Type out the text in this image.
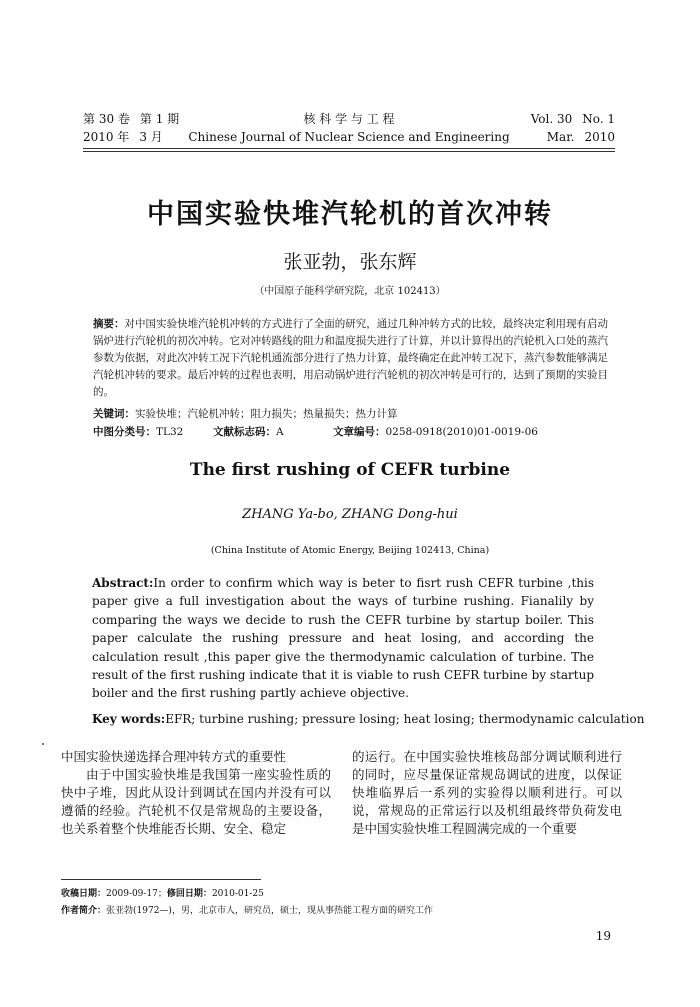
第 30 卷 第 1 期	核 科 学 与 工 程	Vol. 30 No. 1
2010 年 3 月	Chinese Journal of Nuclear Science and Engineering	Mar. 2010
中国实验快堆汽轮机的首次冲转
张亚勃，张东辉
（中国原子能科学研究院，北京 102413）
摘要：对中国实验快堆汽轮机冲转的方式进行了全面的研究，通过几种冲转方式的比较，最终决定利用现有启动锅炉进行汽轮机的初次冲转。它对冲转路线的阻力和温度损失进行了计算，并以计算得出的汽轮机入口处的蒸汽参数为依据，对此次冲转工况下汽轮机通流部分进行了热力计算，最终确定在此冲转工况下，蒸汽参数能够满足汽轮机冲转的要求。最后冲转的过程也表明，用启动锅炉进行汽轮机的初次冲转是可行的，达到了预期的实验目的。
关键词：实验快堆；汽轮机冲转；阻力损失；热量损失；热力计算
中图分类号：TL32	文献标志码：A	文章编号：0258-0918(2010)01-0019-06
The first rushing of CEFR turbine
ZHANG Ya-bo, ZHANG Dong-hui
(China Institute of Atomic Energy, Beijing 102413, China)
Abstract:In order to confirm which way is beter to fisrt rush CEFR turbine ,this paper give a full investigation about the ways of turbine rushing. Fianalily by comparing the ways we decide to rush the CEFR turbine by startup boiler. This paper calculate the rushing pressure and heat losing, and according the calculation result ,this paper give the thermodynamic calculation of turbine. The result of the first rushing indicate that it is viable to rush CEFR turbine by startup boiler and the first rushing partly achieve objective.
Key words:EFR; turbine rushing; pressure losing; heat losing; thermodynamic calculation
中国实验快递选择合理冲转方式的重要性
由于中国实验快堆是我国第一座实验性质的快中子堆，因此从设计到调试在国内并没有可以遵循的经验。汽轮机不仅是常规岛的主要设备，也关系着整个快堆能否长期、安全、稳定
的运行。在中国实验快堆核岛部分调试顺利进行的同时，应尽量保证常规岛调试的进度，以保证快堆临界后一系列的实验得以顺利进行。可以说，常规岛的正常运行以及机组最终带负荷发电是中国实验快堆工程圆满完成的一个重要
收稿日期：2009-09-17；修回日期：2010-01-25
作者简介：张亚勃(1972—)，男，北京市人，研究员，硕士，现从事热能工程方面的研究工作
19
